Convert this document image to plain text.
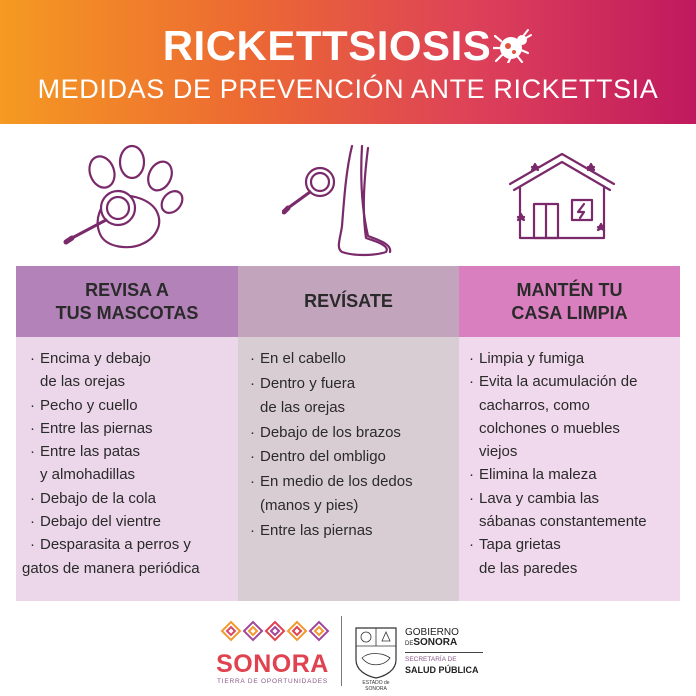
RICKETTSIOSIS
MEDIDAS DE PREVENCIÓN ANTE RICKETTSIA
REVISA A
TUS MASCOTAS
REVÍSATE
MANTÉN TU
CASA LIMPIA
· Encima y debajo
de las orejas
· Pecho y cuello
· Entre las piernas
· Entre las patas
y almohadillas
· Debajo de la cola
· Debajo del vientre
· Desparasita a perros y
gatos de manera periódica
· En el cabello
· Dentro y fuera
de las orejas
· Debajo de los brazos
· Dentro del ombligo
· En medio de los dedos
(manos y pies)
· Entre las piernas
· Limpia y fumiga
· Evita la acumulación de
cacharros, como
colchones o muebles
viejos
· Elimina la maleza
· Lava y cambia las
sábanas constantemente
· Tapa grietas
de las paredes
SONORA
TIERRA DE OPORTUNIDADES	ESTADO de SONORA
GOBIERNO
DESONORA
SECRETARÍA DE
SALUD PÚBLICA
